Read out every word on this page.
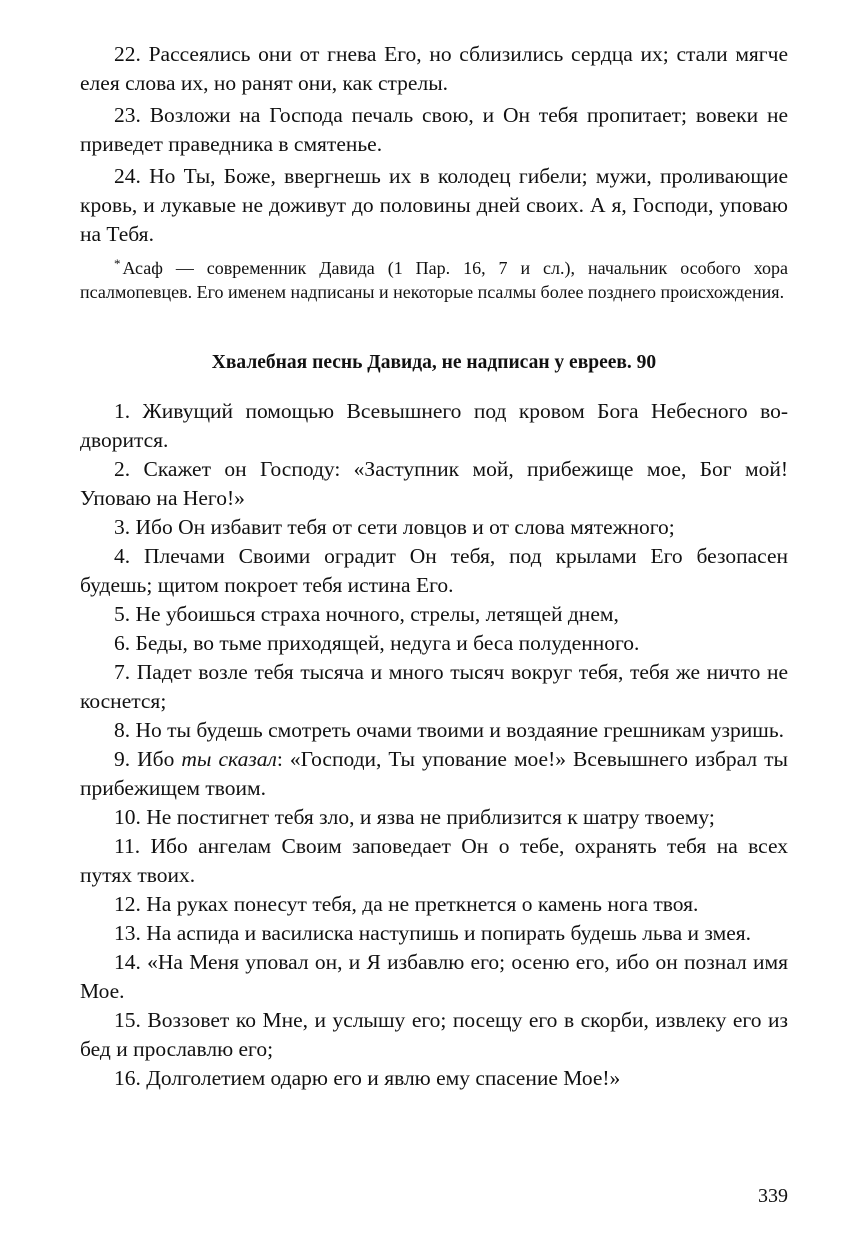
22. Рассеялись они от гнева Его, но сблизились сердца их; стали мягче елея слова их, но ранят они, как стрелы.

23. Возложи на Господа печаль свою, и Он тебя пропитает; вовеки не приведет праведника в смятенье.

24. Но Ты, Боже, ввергнешь их в колодец гибели; мужи, проливающие кровь, и лукавые не доживут до половины дней своих. А я, Господи, уповаю на Тебя.

* Асаф — современник Давида (1 Пар. 16, 7 и сл.), начальник особого хора псалмопевцев. Его именем надписаны и некоторые псалмы более позднего происхождения.

Хвалебная песнь Давида, не надписан у евреев. 90

1. Живущий помощью Всевышнего под кровом Бога Небесного водворится.

2. Скажет он Господу: «Заступник мой, прибежище мое, Бог мой! Уповаю на Него!»

3. Ибо Он избавит тебя от сети ловцов и от слова мятежного;

4. Плечами Своими оградит Он тебя, под крылами Его безопасен будешь; щитом покроет тебя истина Его.

5. Не убоишься страха ночного, стрелы, летящей днем,

6. Беды, во тьме приходящей, недуга и беса полуденного.

7. Падет возле тебя тысяча и много тысяч вокруг тебя, тебя же ничто не коснется;

8. Но ты будешь смотреть очами твоими и воздаяние грешникам узришь.

9. Ибо ты сказал: «Господи, Ты упование мое!» Всевышнего избрал ты прибежищем твоим.

10. Не постигнет тебя зло, и язва не приблизится к шатру твоему;

11. Ибо ангелам Своим заповедает Он о тебе, охранять тебя на всех путях твоих.

12. На руках понесут тебя, да не преткнется о камень нога твоя.

13. На аспида и василиска наступишь и попирать будешь льва и змея.

14. «На Меня уповал он, и Я избавлю его; осеню его, ибо он познал имя Мое.

15. Воззовет ко Мне, и услышу его; посещу его в скорби, извлеку его из бед и прославлю его;

16. Долголетием одарю его и явлю ему спасение Мое!»

339
